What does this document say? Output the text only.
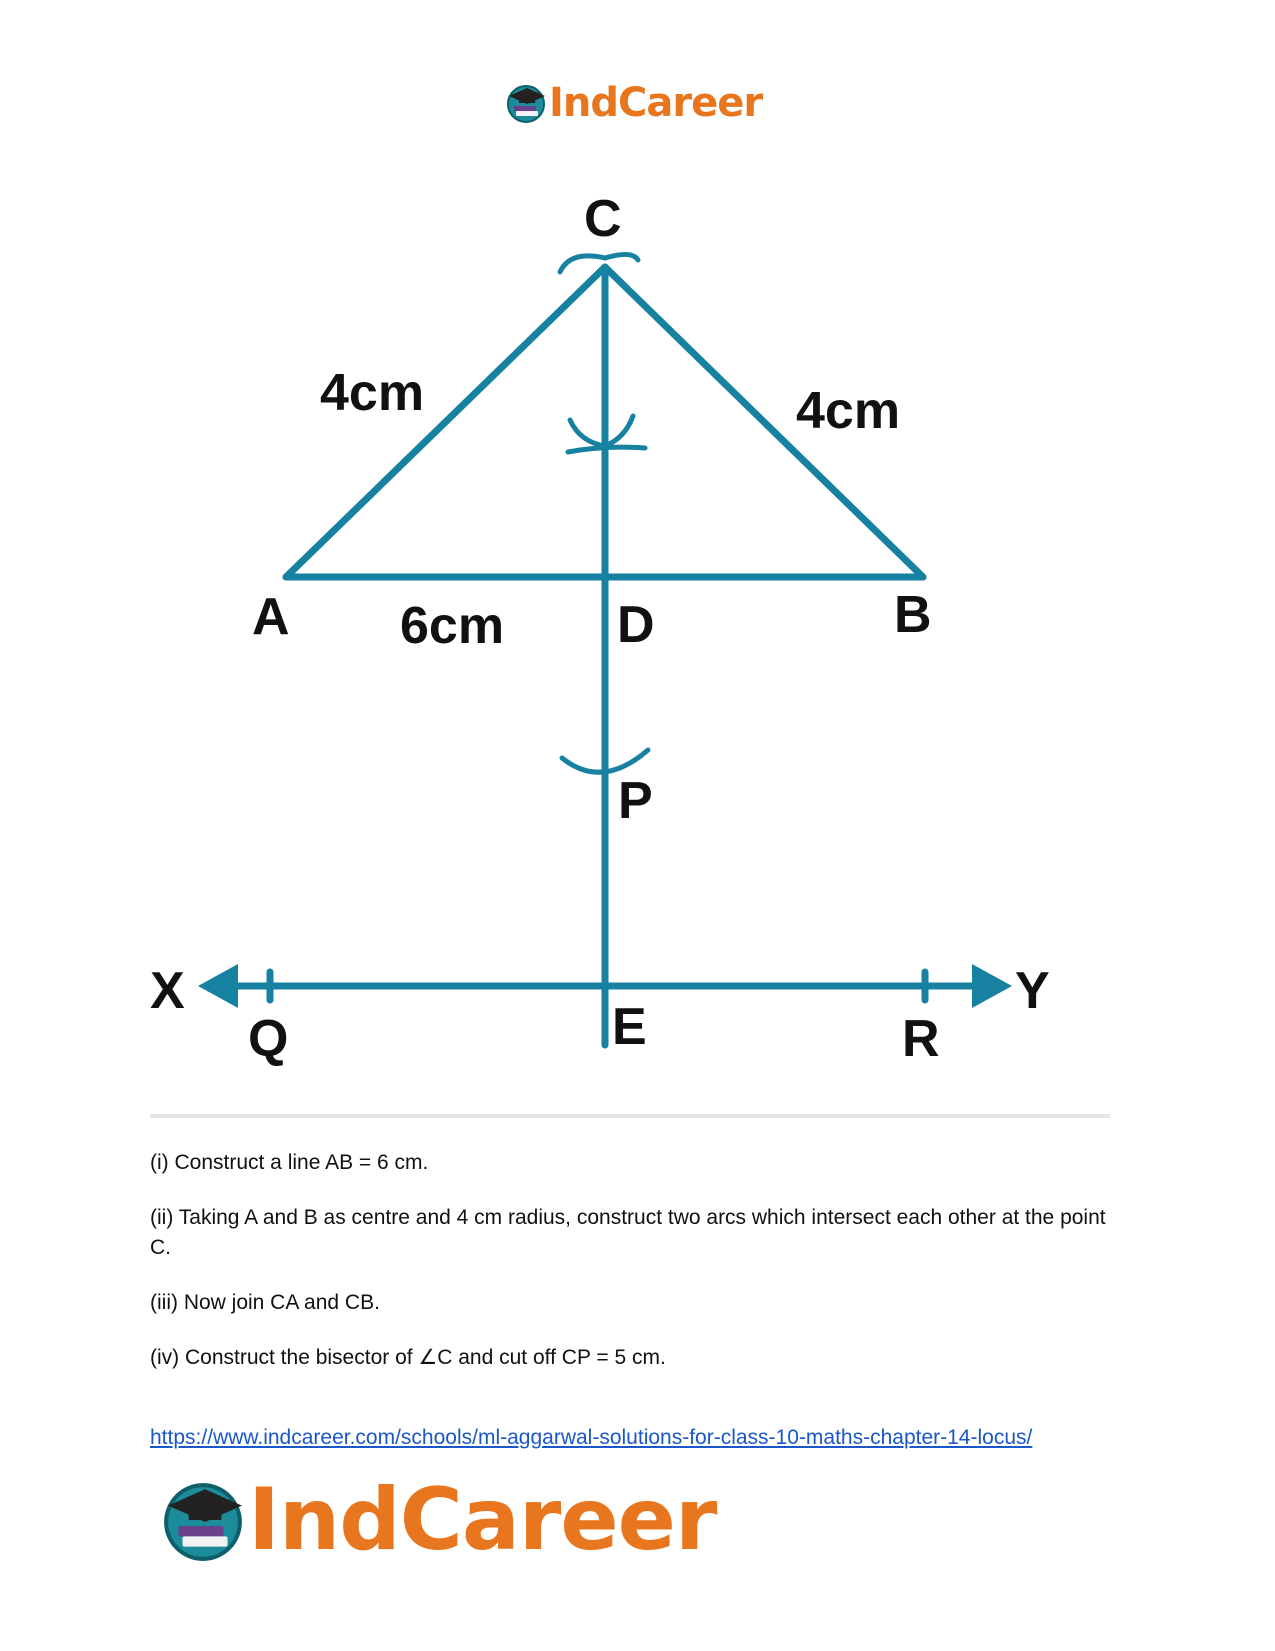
IndCareer
C
A	B
D
P
X	Y
Q	E	R
4cm	4cm
6cm

(i) Construct a line AB = 6 cm.

(ii) Taking A and B as centre and 4 cm radius, construct two arcs which intersect each other at the point C.

(iii) Now join CA and CB.

(iv) Construct the bisector of ∠C and cut off CP = 5 cm.

https://www.indcareer.com/schools/ml-aggarwal-solutions-for-class-10-maths-chapter-14-locus/
IndCareer
